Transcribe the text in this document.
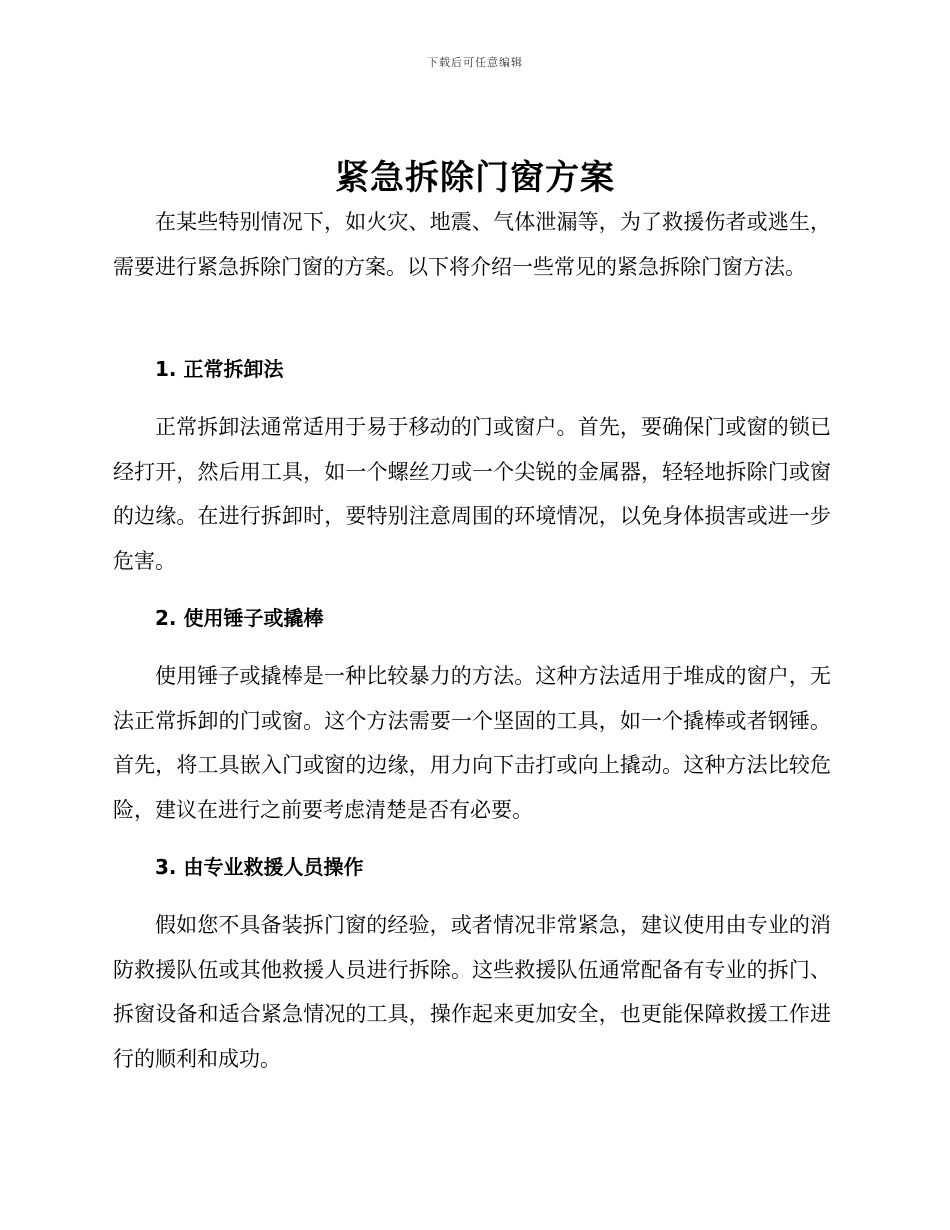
下载后可任意编辑
紧急拆除门窗方案

在某些特别情况下，如火灾、地震、气体泄漏等，为了救援伤者或逃生，需要进行紧急拆除门窗的方案。以下将介绍一些常见的紧急拆除门窗方法。

1. 正常拆卸法

正常拆卸法通常适用于易于移动的门或窗户。首先，要确保门或窗的锁已经打开，然后用工具，如一个螺丝刀或一个尖锐的金属器，轻轻地拆除门或窗的边缘。在进行拆卸时，要特别注意周围的环境情况，以免身体损害或进一步危害。

2. 使用锤子或撬棒

使用锤子或撬棒是一种比较暴力的方法。这种方法适用于堆成的窗户，无法正常拆卸的门或窗。这个方法需要一个坚固的工具，如一个撬棒或者钢锤。首先，将工具嵌入门或窗的边缘，用力向下击打或向上撬动。这种方法比较危险，建议在进行之前要考虑清楚是否有必要。

3. 由专业救援人员操作

假如您不具备装拆门窗的经验，或者情况非常紧急，建议使用由专业的消防救援队伍或其他救援人员进行拆除。这些救援队伍通常配备有专业的拆门、拆窗设备和适合紧急情况的工具，操作起来更加安全，也更能保障救援工作进行的顺利和成功。
